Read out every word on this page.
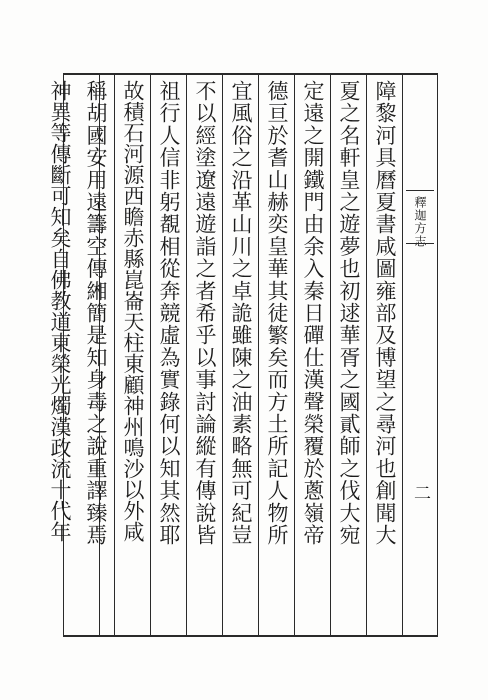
釋迦方志
二
障黎河具曆夏書咸圖雍部及博望之尋河也創聞大
夏之名軒皇之遊夢也初逑華胥之國貳師之伐大宛
定遠之開鐵門由余入秦日磾仕漢聲榮覆於蔥嶺帝
德亘於耆山赫奕皇華其徒繁矣而方土所記人物所
宜風俗之沿革山川之卓詭雖陳之油素略無可紀豈
不以經塗遼遠遊詣之者希乎以事討論縱有傳說皆
祖行人信非躬覩相從奔競虛為實錄何以知其然耶
故積石河源西瞻赤縣崑崙天柱東顧神州鳴沙以外咸
稱胡國安用遠籌空傳緗簡是知身毒之說重譯臻焉
神異等傳斷可知矣自佛教道東榮光燭漢政流十代年
